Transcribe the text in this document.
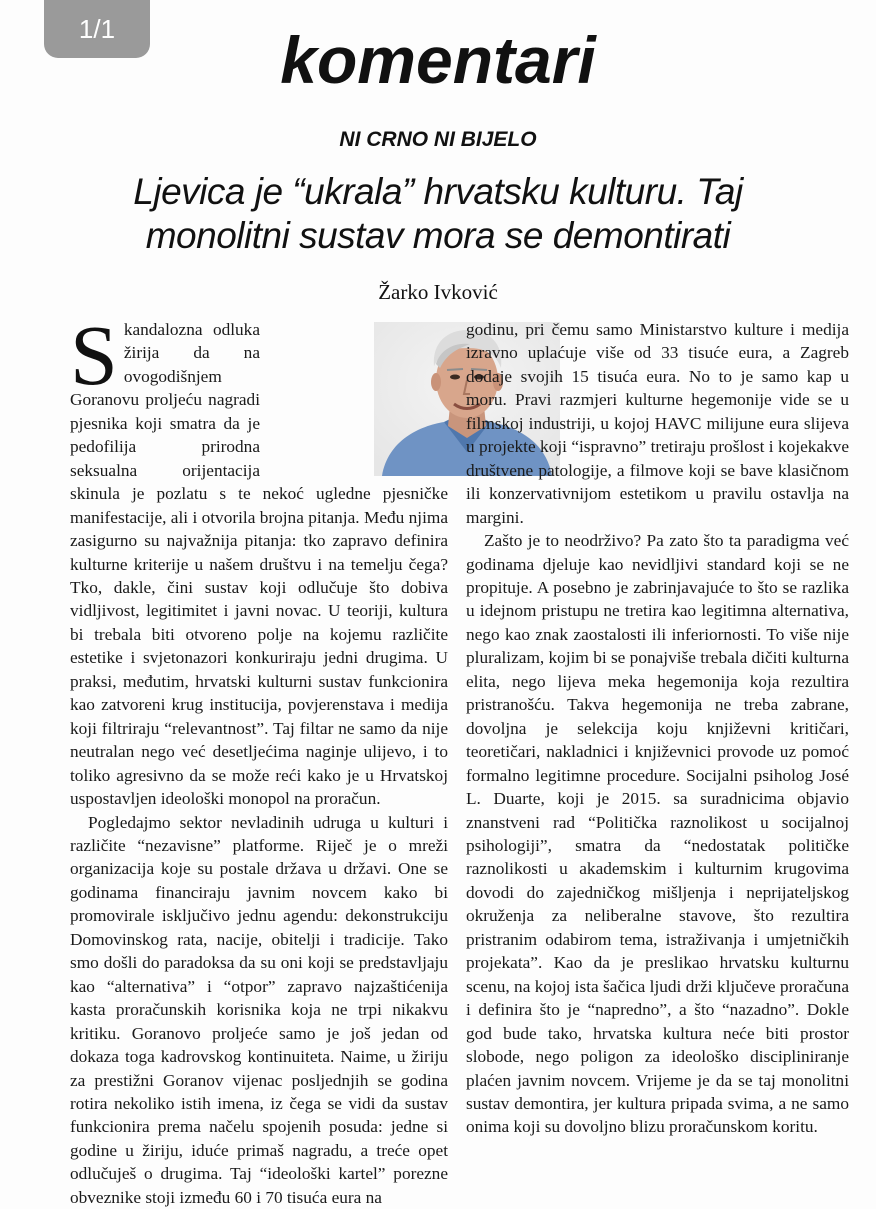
1/1	komentari
NI CRNO NI BIJELO
Ljevica je “ukrala” hrvatsku kulturu. Taj monolitni sustav mora se demontirati
Žarko Ivković
S kandalozna odluka žirija da na ovogodišnjem Goranovu proljeću nagradi pjesnika koji smatra da je pedofilija prirodna seksualna orijentacija skinula je pozlatu s te nekoć ugledne pjesničke manifestacije, ali i otvorila brojna pitanja. Među njima zasigurno su najvažnija pitanja: tko zapravo definira kulturne kriterije u našem društvu i na temelju čega? Tko, dakle, čini sustav koji odlučuje što dobiva vidljivost, legitimitet i javni novac. U teoriji, kultura bi trebala biti otvoreno polje na kojemu različite estetike i svjetonazori konkuriraju jedni drugima. U praksi, međutim, hrvatski kulturni sustav funkcionira kao zatvoreni krug institucija, povjerenstava i medija koji filtriraju “relevantnost”. Taj filtar ne samo da nije neutralan nego već desetljećima naginje ulijevo, i to toliko agresivno da se može reći kako je u Hrvatskoj uspostavljen ideološki monopol na proračun.

Pogledajmo sektor nevladinih udruga u kulturi i različite “nezavisne” platforme. Riječ je o mreži organizacija koje su postale država u državi. One se godinama financiraju javnim novcem kako bi promovirale isključivo jednu agendu: dekonstrukciju Domovinskog rata, nacije, obitelji i tradicije. Tako smo došli do paradoksa da su oni koji se predstavljaju kao “alternativa” i “otpor” zapravo najzaštićenija kasta proračunskih korisnika koja ne trpi nikakvu kritiku. Goranovo proljeće samo je još jedan od dokaza toga kadrovskog kontinuiteta. Naime, u žiriju za prestižni Goranov vijenac posljednjih se godina rotira nekoliko istih imena, iz čega se vidi da sustav funkcionira prema načelu spojenih posuda: jedne si godine u žiriju, iduće primaš nagradu, a treće opet odlučuješ o drugima. Taj “ideološki kartel” porezne obveznike stoji između 60 i 70 tisuća eura na

godinu, pri čemu samo Ministarstvo kulture i medija izravno uplaćuje više od 33 tisuće eura, a Zagreb dodaje svojih 15 tisuća eura. No to je samo kap u moru. Pravi razmjeri kulturne hegemonije vide se u filmskoj industriji, u kojoj HAVC milijune eura slijeva u projekte koji “ispravno” tretiraju prošlost i kojekakve društvene patologije, a filmove koji se bave klasičnom ili konzervativnijom estetikom u pravilu ostavlja na margini.

Zašto je to neodrživo? Pa zato što ta paradigma već godinama djeluje kao nevidljivi standard koji se ne propituje. A posebno je zabrinjavajuće to što se razlika u idejnom pristupu ne tretira kao legitimna alternativa, nego kao znak zaostalosti ili inferiornosti. To više nije pluralizam, kojim bi se ponajviše trebala dičiti kulturna elita, nego lijeva meka hegemonija koja rezultira pristranošću. Takva hegemonija ne treba zabrane, dovoljna je selekcija koju književni kritičari, teoretičari, nakladnici i književnici provode uz pomoć formalno legitimne procedure. Socijalni psiholog José L. Duarte, koji je 2015. sa suradnicima objavio znanstveni rad “Politička raznolikost u socijalnoj psihologiji”, smatra da “nedostatak političke raznolikosti u akademskim i kulturnim krugovima dovodi do zajedničkog mišljenja i neprijateljskog okruženja za neliberalne stavove, što rezultira pristranim odabirom tema, istraživanja i umjetničkih projekata”. Kao da je preslikao hrvatsku kulturnu scenu, na kojoj ista šačica ljudi drži ključeve proračuna i definira što je “napredno”, a što “nazadno”. Dokle god bude tako, hrvatska kultura neće biti prostor slobode, nego poligon za ideološko discipliniranje plaćen javnim novcem. Vrijeme je da se taj monolitni sustav demontira, jer kultura pripada svima, a ne samo onima koji su dovoljno blizu proračunskom koritu.
